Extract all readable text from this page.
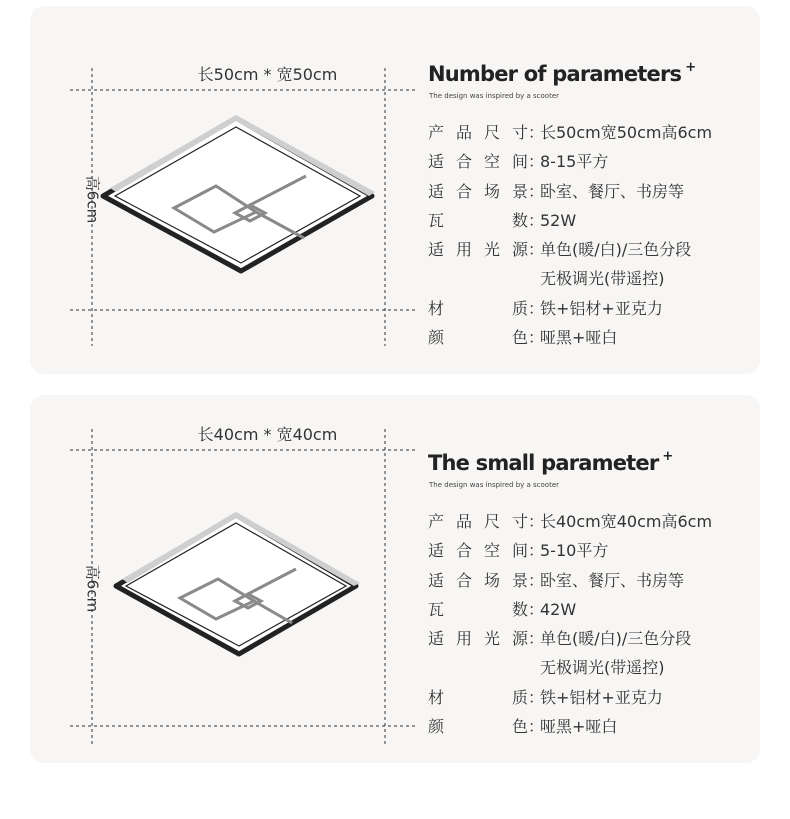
长50cm * 宽50cm
高6cm
Number of parameters +
The design was inspired by a scooter
产品尺寸 ：
长50cm宽50cm高6cm
适合空间 ：
8-15平方
适合场景 ：
卧室、餐厅、书房等
瓦　　数 ：
52W
适用光源 ：
单色(暖/白)/三色分段
无极调光(带遥控)
材　　质 ：
铁+铝材+亚克力
颜　　色 ：
哑黑+哑白
长40cm * 宽40cm
高6cm
The small parameter +
The design was inspired by a scooter
产品尺寸 ：
长40cm宽40cm高6cm
适合空间 ：
5-10平方
适合场景 ：
卧室、餐厅、书房等
瓦　　数 ：
42W
适用光源 ：
单色(暖/白)/三色分段
无极调光(带遥控)
材　　质 ：
铁+铝材+亚克力
颜　　色 ：
哑黑+哑白
